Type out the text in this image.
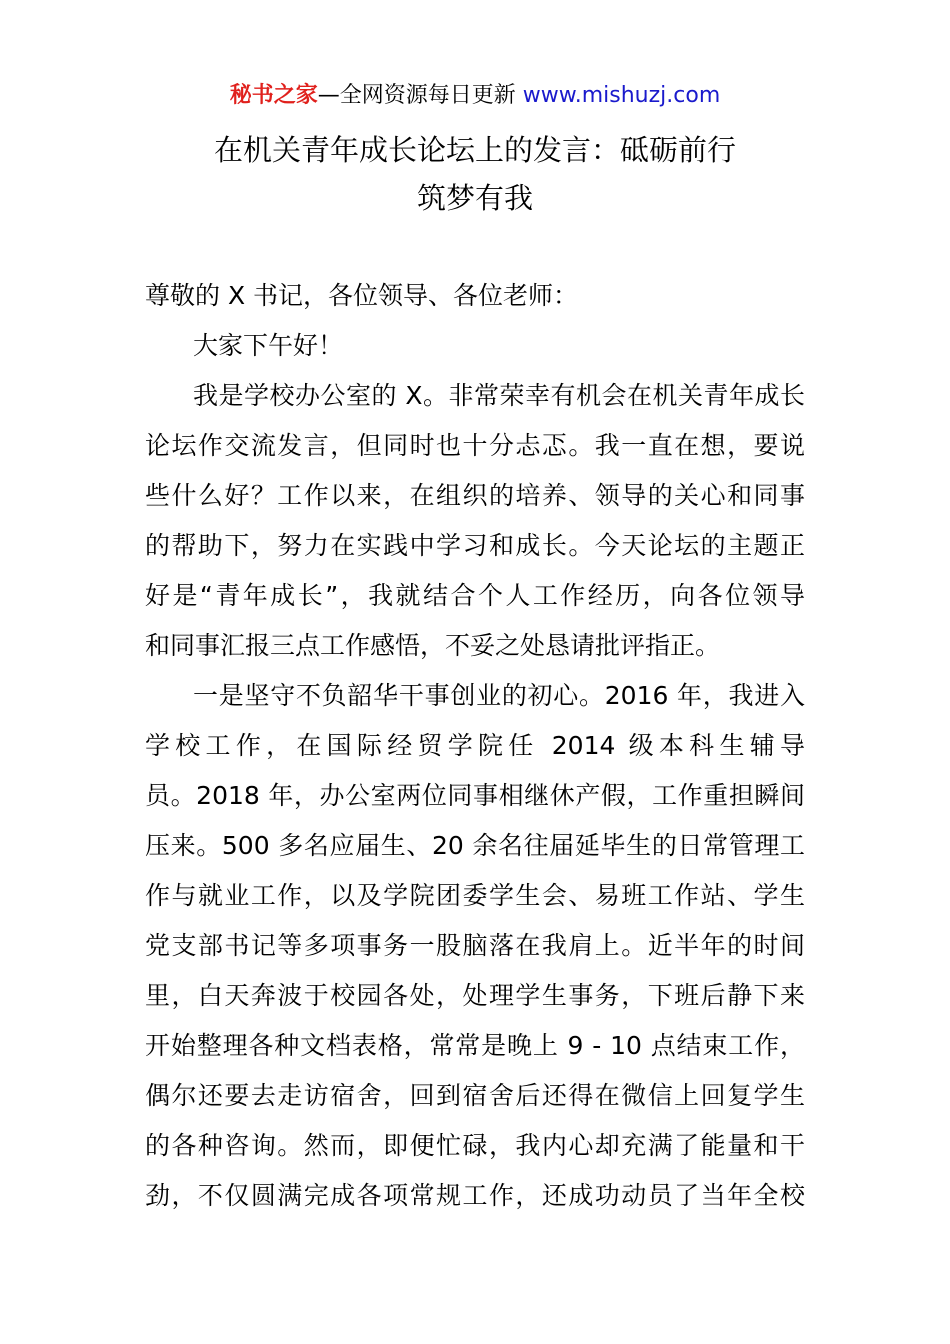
秘书之家—全网资源每日更新 www.mishuzj.com
在机关青年成长论坛上的发言：砥砺前行
筑梦有我
尊敬的 X 书记，各位领导、各位老师：
大家下午好！
我是学校办公室的 X。非常荣幸有机会在机关青年成长
论坛作交流发言，但同时也十分忐忑。我一直在想，要说
些什么好？工作以来，在组织的培养、领导的关心和同事
的帮助下，努力在实践中学习和成长。今天论坛的主题正
好是“青年成长”，我就结合个人工作经历，向各位领导
和同事汇报三点工作感悟，不妥之处恳请批评指正。
一是坚守不负韶华干事创业的初心。2016 年，我进入
学校工作，在国际经贸学院任 2014 级本科生辅导
员。2018 年，办公室两位同事相继休产假，工作重担瞬间
压来。500 多名应届生、20 余名往届延毕生的日常管理工
作与就业工作，以及学院团委学生会、易班工作站、学生
党支部书记等多项事务一股脑落在我肩上。近半年的时间
里，白天奔波于校园各处，处理学生事务，下班后静下来
开始整理各种文档表格，常常是晚上 9 - 10 点结束工作，
偶尔还要去走访宿舍，回到宿舍后还得在微信上回复学生
的各种咨询。然而，即便忙碌，我内心却充满了能量和干
劲，不仅圆满完成各项常规工作，还成功动员了当年全校
